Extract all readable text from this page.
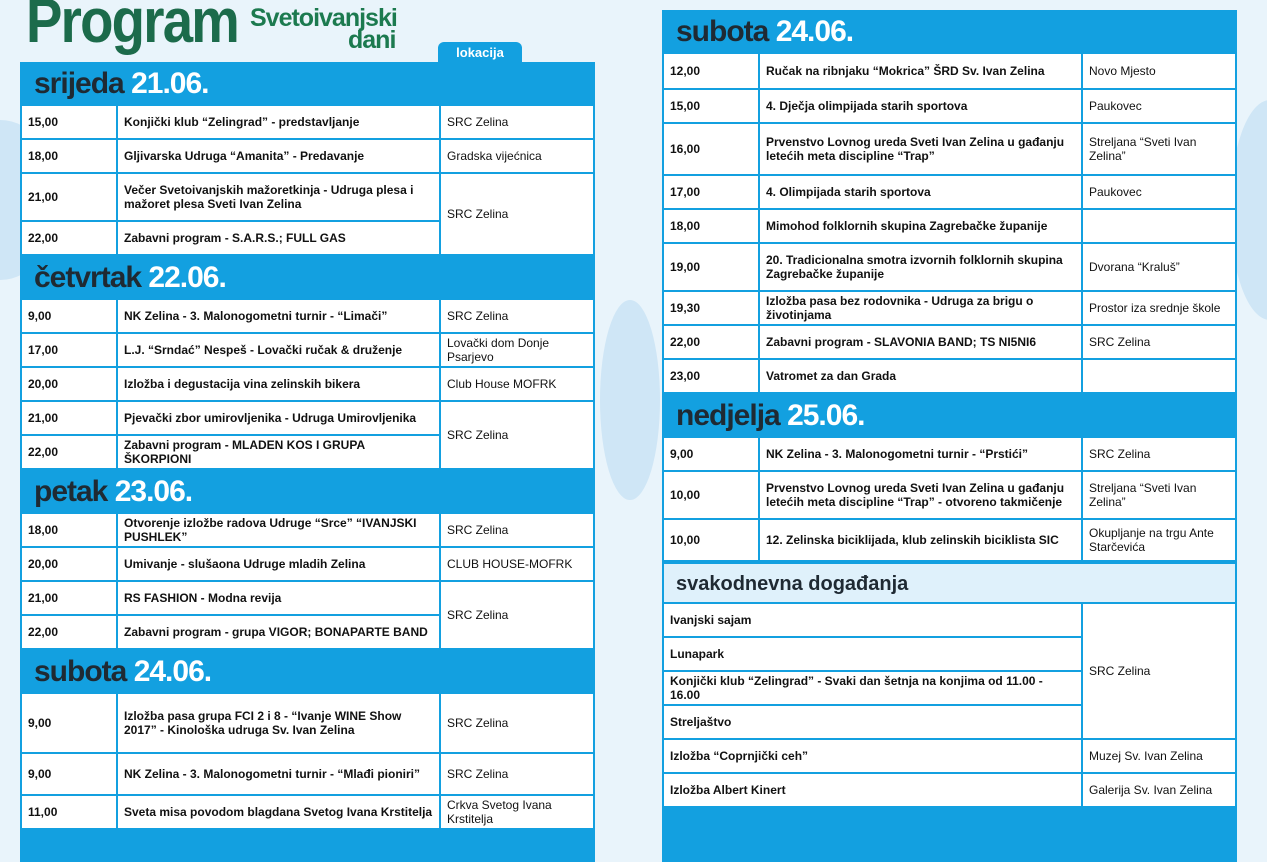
Program Svetoivanjski
dani	lokacija
srijeda 21.06.
15,00	Konjički klub “Zelingrad” - predstavljanje	SRC Zelina
18,00	Gljivarska Udruga “Amanita” - Predavanje	Gradska vijećnica
21,00	Večer Svetoivanjskih mažoretkinja - Udruga plesa i mažoret plesa Sveti Ivan Zelina	SRC Zelina
22,00	Zabavni program - S.A.R.S.; FULL GAS	
četvrtak 22.06.
9,00	NK Zelina - 3. Malonogometni turnir - “Limači”	SRC Zelina
17,00	L.J. “Srndać” Nespeš - Lovački ručak & druženje	Lovački dom Donje Psarjevo
20,00	Izložba i degustacija vina zelinskih bikera	Club House MOFRK
21,00	Pjevački zbor umirovljenika - Udruga Umirovljenika	SRC Zelina
22,00	Zabavni program - MLADEN KOS I GRUPA ŠKORPIONI	
petak 23.06.
18,00	Otvorenje izložbe radova Udruge “Srce” “IVANJSKI PUSHLEK”	SRC Zelina
20,00	Umivanje - slušaona Udruge mladih Zelina	CLUB HOUSE-MOFRK
21,00	RS FASHION - Modna revija	SRC Zelina
22,00	Zabavni program - grupa VIGOR; BONAPARTE BAND	
subota 24.06.
9,00	Izložba pasa grupa FCI 2 i 8 - “Ivanje WINE Show 2017” - Kinološka udruga Sv. Ivan Zelina	SRC Zelina
9,00	NK Zelina - 3. Malonogometni turnir - “Mlađi pioniri”	SRC Zelina
11,00	Sveta misa povodom blagdana Svetog Ivana Krstitelja	Crkva Svetog Ivana Krstitelja
subota 24.06.
12,00	Ručak na ribnjaku “Mokrica” ŠRD Sv. Ivan Zelina	Novo Mjesto
15,00	4. Dječja olimpijada starih sportova	Paukovec
16,00	Prvenstvo Lovnog ureda Sveti Ivan Zelina u gađanju letećih meta discipline “Trap”	Streljana “Sveti Ivan Zelina”
17,00	4. Olimpijada starih sportova	Paukovec
18,00	Mimohod folklornih skupina Zagrebačke županije	
19,00	20. Tradicionalna smotra izvornih folklornih skupina Zagrebačke županije	Dvorana “Kraluš”
19,30	Izložba pasa bez rodovnika - Udruga za brigu o životinjama	Prostor iza srednje škole
22,00	Zabavni program - SLAVONIA BAND; TS NI5NI6	SRC Zelina
23,00	Vatromet za dan Grada	
nedjelja 25.06.
9,00	NK Zelina - 3. Malonogometni turnir - “Prstići”	SRC Zelina
10,00	Prvenstvo Lovnog ureda Sveti Ivan Zelina u gađanju letećih meta discipline “Trap” - otvoreno takmičenje	Streljana “Sveti Ivan Zelina”
10,00	12. Zelinska biciklijada, klub zelinskih biciklista SIC	Okupljanje na trgu Ante Starčevića
svakodnevna događanja
Ivanjski sajam	SRC Zelina
Lunapark	
Konjički klub “Zelingrad” - Svaki dan šetnja na konjima od 11.00 - 16.00	
Streljaštvo	
Izložba “Coprnjički ceh”	Muzej Sv. Ivan Zelina
Izložba Albert Kinert	Galerija Sv. Ivan Zelina
